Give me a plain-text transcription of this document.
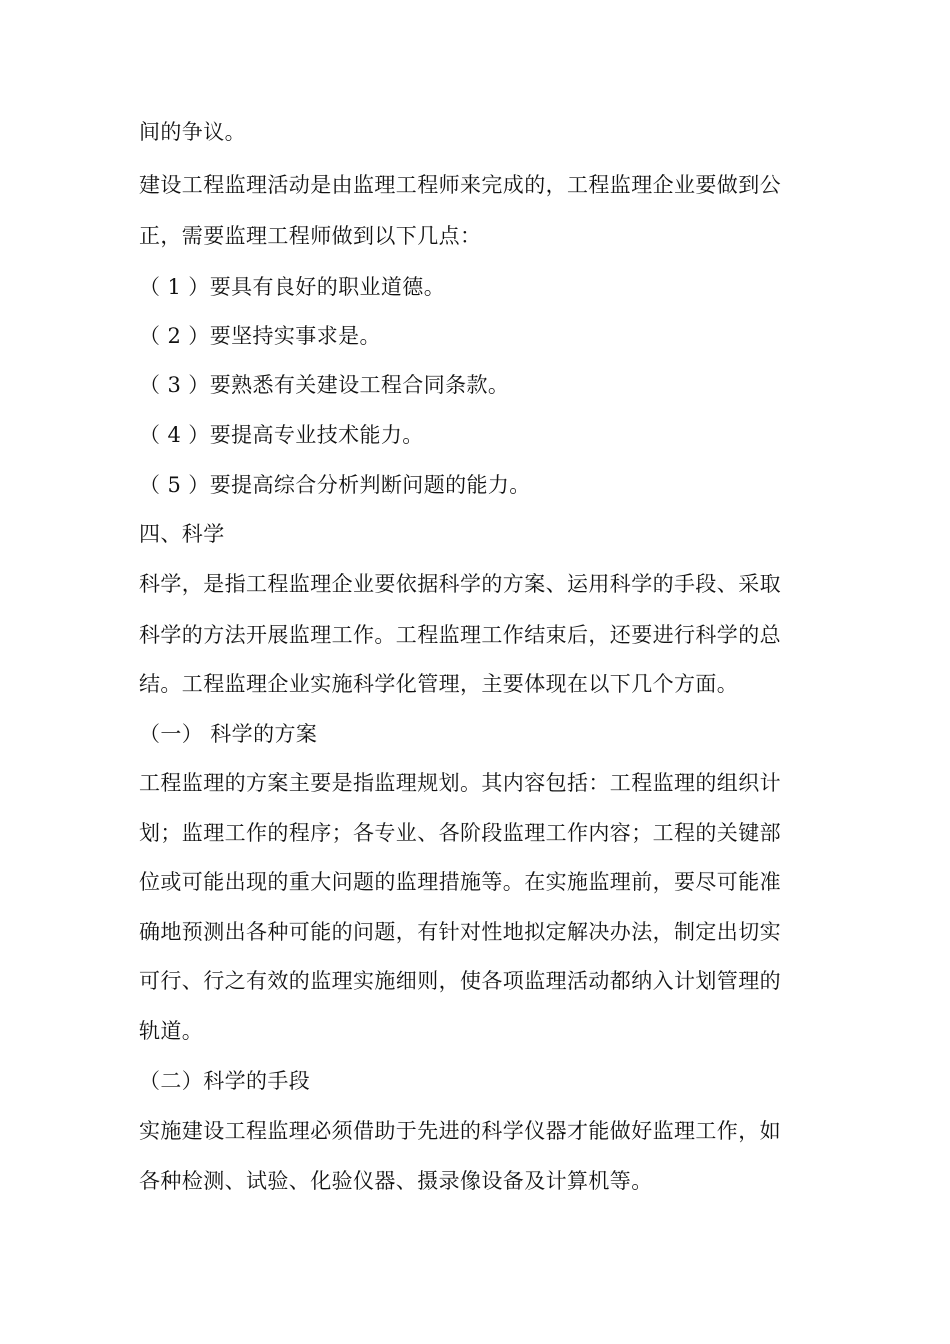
间的争议。
建设工程监理活动是由监理工程师来完成的，工程监理企业要做到公
正，需要监理工程师做到以下几点：
（ 1 ）要具有良好的职业道德。
（ 2 ）要坚持实事求是。
（ 3 ）要熟悉有关建设工程合同条款。
（ 4 ）要提高专业技术能力。
（ 5 ）要提高综合分析判断问题的能力。
四、科学
科学，是指工程监理企业要依据科学的方案、运用科学的手段、采取
科学的方法开展监理工作。工程监理工作结束后，还要进行科学的总
结。工程监理企业实施科学化管理，主要体现在以下几个方面。
（一） 科学的方案
工程监理的方案主要是指监理规划。其内容包括：工程监理的组织计
划；监理工作的程序；各专业、各阶段监理工作内容；工程的关键部
位或可能出现的重大问题的监理措施等。在实施监理前，要尽可能准
确地预测出各种可能的问题，有针对性地拟定解决办法，制定出切实
可行、行之有效的监理实施细则，使各项监理活动都纳入计划管理的
轨道。
（二）科学的手段
实施建设工程监理必须借助于先进的科学仪器才能做好监理工作，如
各种检测、试验、化验仪器、摄录像设备及计算机等。
